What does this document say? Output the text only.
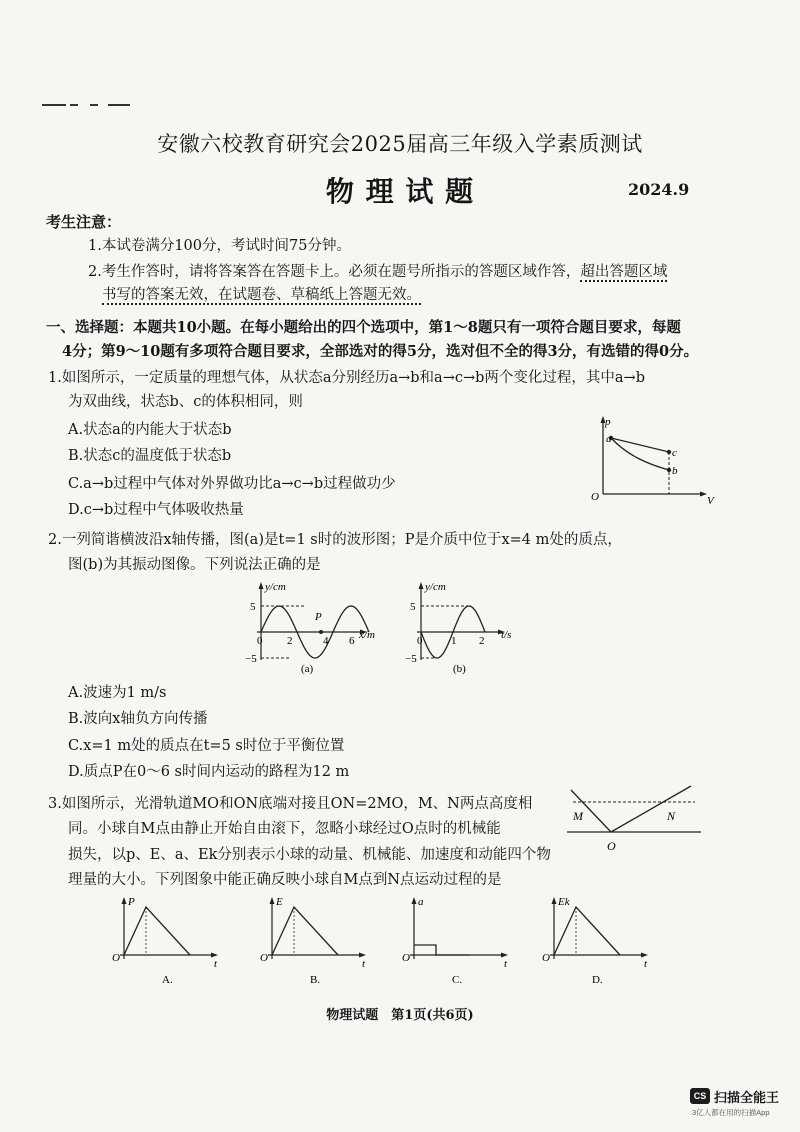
安徽六校教育研究会2025届高三年级入学素质测试
物 理 试 题	2024.9
考生注意：
1.本试卷满分100分，考试时间75分钟。
2.考生作答时，请将答案答在答题卡上。必须在题号所指示的答题区域作答，超出答题区域
书写的答案无效，在试题卷、草稿纸上答题无效。
一、选择题：本题共10小题。在每小题给出的四个选项中，第1～8题只有一项符合题目要求，每题
4分；第9～10题有多项符合题目要求，全部选对的得5分，选对但不全的得3分，有选错的得0分。
1.如图所示，一定质量的理想气体，从状态a分别经历a→b和a→c→b两个变化过程，其中a→b
为双曲线，状态b、c的体积相同，则
A.状态a的内能大于状态b
B.状态c的温度低于状态b
C.a→b过程中气体对外界做功比a→c→b过程做功少
D.c→b过程中气体吸收热量
p
V
O
a
c
b
2.一列简谐横波沿x轴传播，图(a)是t=1 s时的波形图；P是介质中位于x=4 m处的质点，
图(b)为其振动图像。下列说法正确的是
y/cm
x/m
5
−5
0 2	4 6
P
(a)
y/cm
t/s
5
−5
0	1 2
(b)
A.波速为1 m/s
B.波向x轴负方向传播
C.x=1 m处的质点在t=5 s时位于平衡位置
D.质点P在0～6 s时间内运动的路程为12 m
3.如图所示，光滑轨道MO和ON底端对接且ON=2MO，M、N两点高度相
同。小球自M点由静止开始自由滚下，忽略小球经过O点时的机械能
损失，以p、E、a、Ek分别表示小球的动量、机械能、加速度和动能四个物
理量的大小。下列图象中能正确反映小球自M点到N点运动过程的是
M	N
O
P
t
O
A.
E
t
O
B.
a
t
O
C.
Ek
t
O
D.
物理试题　第1页(共6页)
CS 扫描全能王
3亿人都在用的扫描App
